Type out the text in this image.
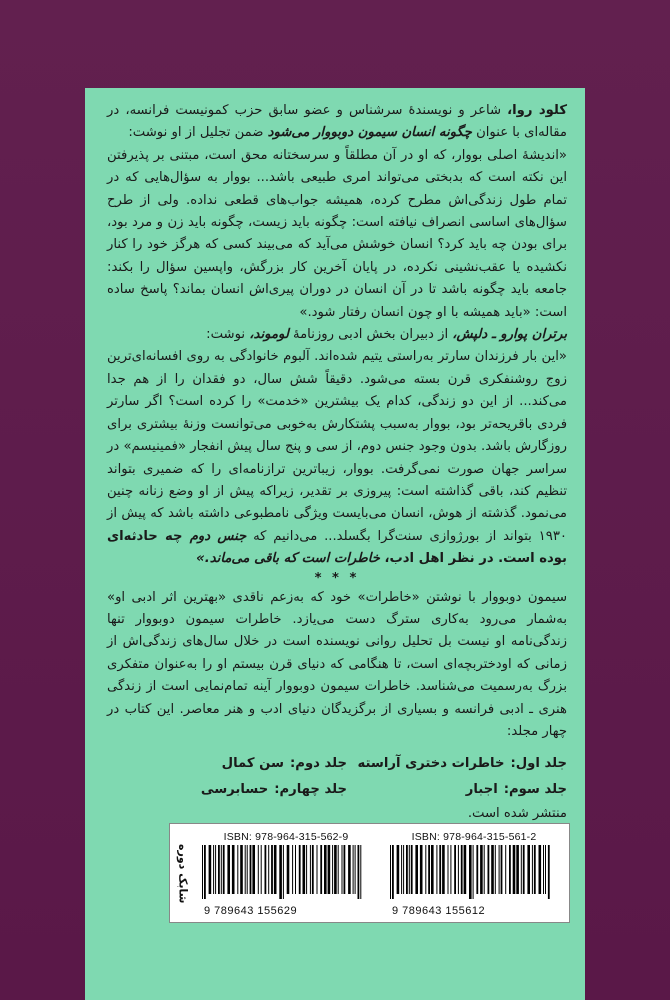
کلود روا، شاعر و نویسندهٔ سرشناس و عضو سابق حزب کمونیست فرانسه، در مقاله‌ای با عنوان چگونه انسان سیمون دوبووار می‌شود ضمن تجلیل از او نوشت:

«اندیشهٔ اصلی بووار، که او در آن مطلقاً و سرسختانه محق است، مبتنی بر پذیرفتن این نکته است که بدبختی می‌تواند امری طبیعی باشد... بووار به سؤال‌هایی که در تمام طول زندگی‌اش مطرح کرده، همیشه جواب‌های قطعی نداده. ولی از طرح سؤال‌های اساسی انصراف نیافته است: چگونه باید زیست، چگونه باید زن و مرد بود، برای بودن چه باید کرد؟ انسان خوشش می‌آید که می‌بیند کسی که هرگز خود را کنار نکشیده یا عقب‌نشینی نکرده، در پایان آخرین کار بزرگش، واپسین سؤال را بکند: جامعه باید چگونه باشد تا در آن انسان در دوران پیری‌اش انسان بماند؟ پاسخ ساده است: «باید همیشه با او چون انسان رفتار شود.»

برتران پوارو ـ دلپش، از دبیران بخش ادبی روزنامهٔ لوموند، نوشت:

«این بار فرزندان سارتر به‌راستی یتیم شده‌اند. آلبوم خانوادگی به روی افسانه‌ای‌ترین زوج روشنفکری قرن بسته می‌شود. دقیقاً شش سال، دو فقدان را از هم جدا می‌کند... از این دو زندگی، کدام یک بیشترین «خدمت» را کرده است؟ اگر سارتر فردی باقریحه‌تر بود، بووار به‌سبب پشتکارش به‌خوبی می‌توانست وزنهٔ بیشتری برای روزگارش باشد. بدون وجود جنس دوم، از سی و پنج سال پیش انفجار «فمینیسم» در سراسر جهان صورت نمی‌گرفت. بووار، زیباترین ترازنامه‌ای را که ضمیری بتواند تنظیم کند، باقی گذاشته است: پیروزی بر تقدیر، زیراکه پیش از او وضع زنانه چنین می‌نمود. گذشته از هوش، انسان می‌بایست ویژگی نامطبوعی داشته باشد که پیش از ۱۹۳۰ بتواند از بورژوازی سنت‌گرا بگسلد... می‌دانیم که جنس دوم چه حادثه‌ای بوده است. در نظر اهل ادب، خاطرات است که باقی می‌ماند.»

* * *

سیمون دوبووار با نوشتن «خاطرات» خود که به‌زعم ناقدی «بهترین اثر ادبی او» به‌شمار می‌رود به‌کاری سترگ دست می‌یازد. خاطرات سیمون دوبووار تنها زندگی‌نامه او نیست بل تحلیل روانی نویسنده است در خلال سال‌های زندگی‌اش از زمانی که اودختربچه‌ای است، تا هنگامی که دنیای قرن بیستم او را به‌عنوان متفکری بزرگ به‌رسمیت می‌شناسد. خاطرات سیمون دوبووار آینه تمام‌نمایی است از زندگی هنری ـ ادبی فرانسه و بسیاری از برگزیدگان دنیای ادب و هنر معاصر. این کتاب در چهار مجلد:

جلد اول:
خاطرات دختری آراسته
جلد دوم:
سن کمال
جلد سوم:
اجبار
جلد چهارم:
حسابرسی

منتشر شده است.

شابک دوره
ISBN: 978-964-315-562-9
9 789643 155629
ISBN: 978-964-315-561-2
9 789643 155612
